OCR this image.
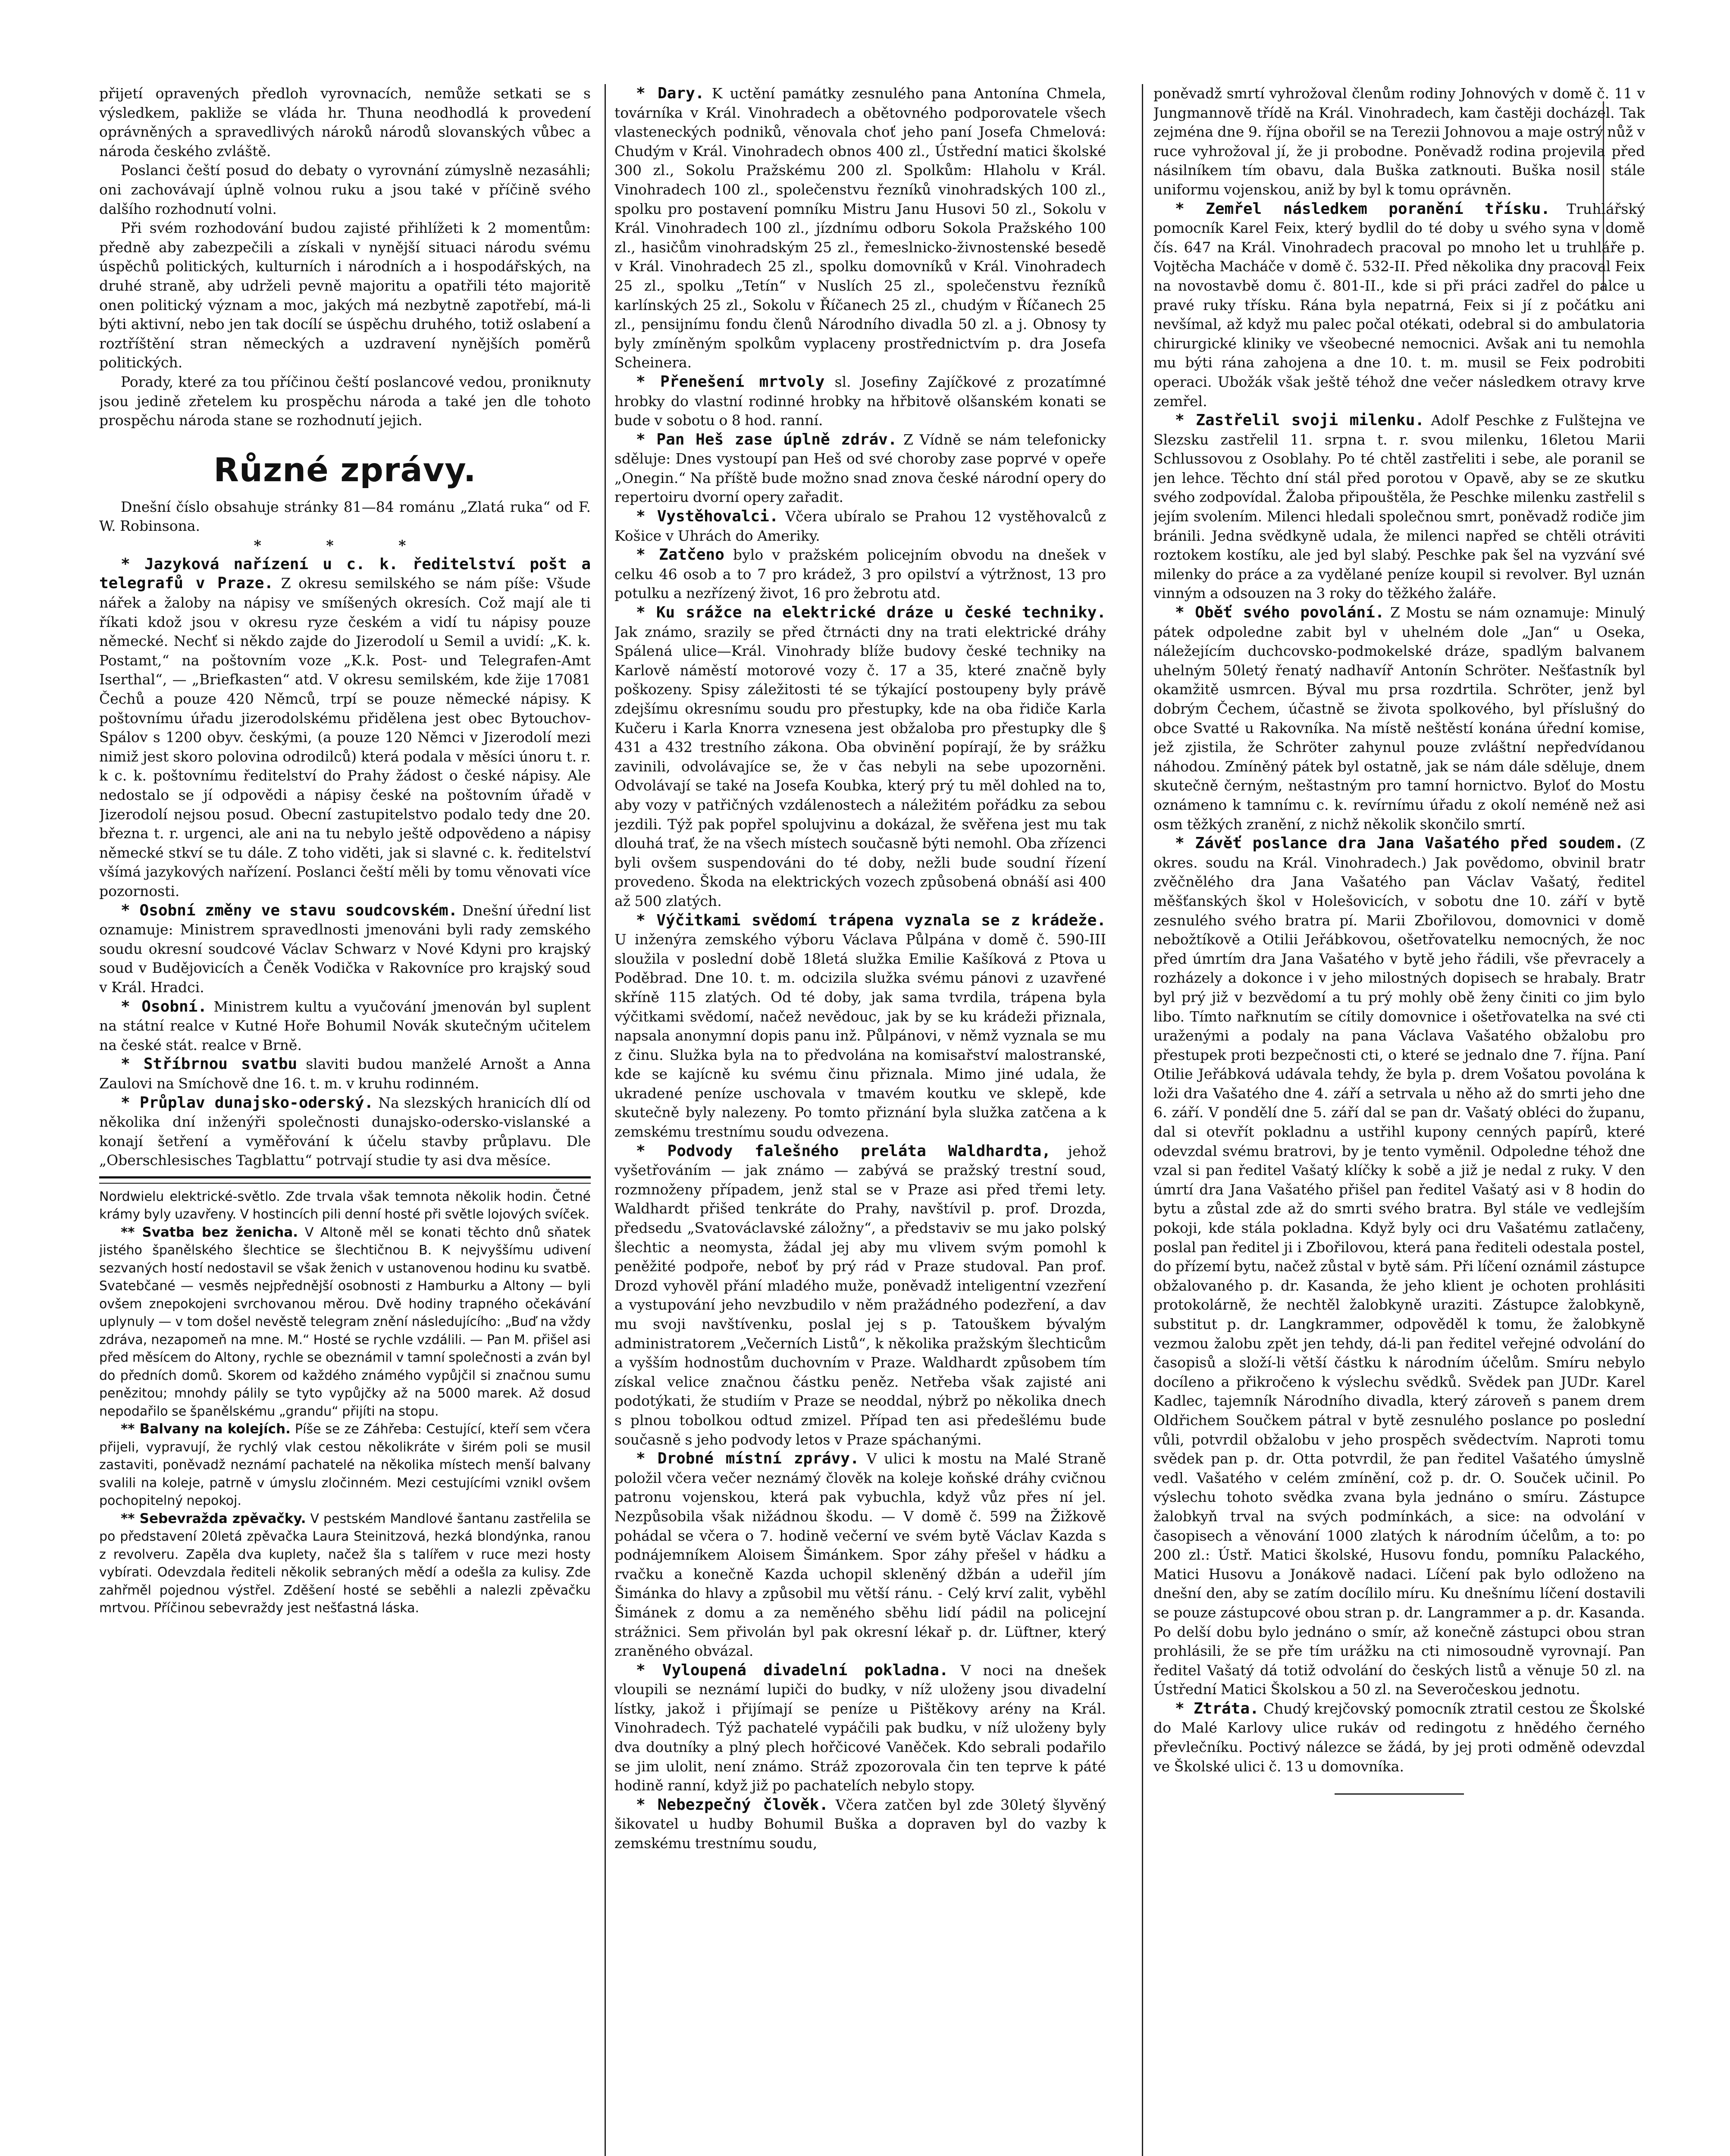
přijetí opravených předloh vyrovnacích, nemůže setkati se s výsledkem, pakliže se vláda hr. Thuna neodhodlá k provedení oprávněných a spravedlivých nároků národů slovanských vůbec a národa českého zvláště.

Poslanci čeští posud do debaty o vyrovnání zúmyslně nezasáhli; oni zachovávají úplně volnou ruku a jsou také v příčině svého dalšího rozhodnutí volni.

Při svém rozhodování budou zajisté přihlížeti k 2 momentům: předně aby zabezpečili a získali v nynější situaci národu svému úspěchů politických, kulturních i národních a i hospodářských, na druhé straně, aby udrželi pevně majoritu a opatřili této majoritě onen politický význam a moc, jakých má nezbytně zapotřebí, má-li býti aktivní, nebo jen tak docílí se úspěchu druhého, totiž oslabení a roztříštění stran německých a uzdravení nynějších poměrů politických.

Porady, které za tou příčinou čeští poslancové vedou, proniknuty jsou jedině zřetelem ku prospěchu národa a také jen dle tohoto prospěchu národa stane se rozhodnutí jejich.

Různé zprávy.

Dnešní číslo obsahuje stránky 81—84 románu „Zlatá ruka“ od F. W. Robinsona.

* * *

* Jazyková nařízení u c. k. ředitelství pošt a telegrafů v Praze. Z okresu semilského se nám píše: Všude nářek a žaloby na nápisy ve smíšených okresích. Což mají ale ti říkati kdož jsou v okresu ryze českém a vidí tu nápisy pouze německé. Nechť si někdo zajde do Jizerodolí u Semil a uvidí: „K. k. Postamt,“ na poštovním voze „K.k. Post- und Telegrafen-Amt Iserthal“, — „Briefkasten“ atd. V okresu semilském, kde žije 17081 Čechů a pouze 420 Němců, trpí se pouze německé nápisy. K poštovnímu úřadu jizerodolskému přidělena jest obec Bytouchov-Spálov s 1200 obyv. českými, (a pouze 120 Němci v Jizerodolí mezi nimiž jest skoro polovina odrodilců) která podala v měsíci únoru t. r. k c. k. poštovnímu ředitelství do Prahy žádost o české nápisy. Ale nedostalo se jí odpovědi a nápisy české na poštovním úřadě v Jizerodolí nejsou posud. Obecní zastupitelstvo podalo tedy dne 20. března t. r. urgenci, ale ani na tu nebylo ještě odpovědeno a nápisy německé stkví se tu dále. Z toho viděti, jak si slavné c. k. ředitelství všímá jazykových nařízení. Poslanci čeští měli by tomu věnovati více pozornosti.

* Osobní změny ve stavu soudcovském. Dnešní úřední list oznamuje: Ministrem spravedlnosti jmenováni byli rady zemského soudu okresní soudcové Václav Schwarz v Nové Kdyni pro krajský soud v Budějovicích a Čeněk Vodička v Rakovníce pro krajský soud v Král. Hradci.

* Osobní. Ministrem kultu a vyučování jmenován byl suplent na státní realce v Kutné Hoře Bohumil Novák skutečným učitelem na české stát. realce v Brně.

* Stříbrnou svatbu slaviti budou manželé Arnošt a Anna Zaulovi na Smíchově dne 16. t. m. v kruhu rodinném.

* Průplav dunajsko-oderský. Na slezských hranicích dlí od několika dní inženýři společnosti dunajsko-odersko-vislanské a konají šetření a vyměřování k účelu stavby průplavu. Dle „Oberschlesisches Tagblattu“ potrvají studie ty asi dva měsíce.

Nordwielu elektrické-světlo. Zde trvala však temnota několik hodin. Četné krámy byly uzavřeny. V hostincích pili denní hosté při světle lojových svíček.

** Svatba bez ženicha. V Altoně měl se konati těchto dnů sňatek jistého španělského šlechtice se šlechtičnou B. K nejvyššímu udivení sezvaných hostí nedostavil se však ženich v ustanovenou hodinu ku svatbě. Svatebčané — vesměs nejpřednější osobnosti z Hamburku a Altony — byli ovšem znepokojeni svrchovanou měrou. Dvě hodiny trapného očekávání uplynuly — v tom došel nevěstě telegram znění následujícího: „Buď na vždy zdráva, nezapomeň na mne. M.“ Hosté se rychle vzdálili. — Pan M. přišel asi před měsícem do Altony, rychle se obeznámil v tamní společnosti a zván byl do předních domů. Skorem od každého známého vypůjčil si značnou sumu penězitou; mnohdy pálily se tyto vypůjčky až na 5000 marek. Až dosud nepodařilo se španělskému „grandu“ přijíti na stopu.

** Balvany na kolejích. Píše se ze Záhřeba: Cestující, kteří sem včera přijeli, vypravují, že rychlý vlak cestou několikráte v širém poli se musil zastaviti, poněvadž neznámí pachatelé na několika místech menší balvany svalili na koleje, patrně v úmyslu zločinném. Mezi cestujícími vznikl ovšem pochopitelný nepokoj.

** Sebevražda zpěvačky. V pestském Mandlové šantanu zastřelila se po představení 20letá zpěvačka Laura Steinitzová, hezká blondýnka, ranou z revolveru. Zapěla dva kuplety, načež šla s talířem v ruce mezi hosty vybírati. Odevzdala řediteli několik sebraných mědí a odešla za kulisy. Zde zahřměl pojednou výstřel. Zděšení hosté se seběhli a nalezli zpěvačku mrtvou. Příčinou sebevraždy jest nešťastná láska.

* Dary. K uctění památky zesnulého pana Antonína Chmela, továrníka v Král. Vinohradech a obětovného podporovatele všech vlasteneckých podniků, věnovala choť jeho paní Josefa Chmelová: Chudým v Král. Vinohradech obnos 400 zl., Ústřední matici školské 300 zl., Sokolu Pražskému 200 zl. Spolkům: Hlaholu v Král. Vinohradech 100 zl., společenstvu řezníků vinohradských 100 zl., spolku pro postavení pomníku Mistru Janu Husovi 50 zl., Sokolu v Král. Vinohradech 100 zl., jízdnímu odboru Sokola Pražského 100 zl., hasičům vinohradským 25 zl., řemeslnicko-živnostenské besedě v Král. Vinohradech 25 zl., spolku domovníků v Král. Vinohradech 25 zl., spolku „Tetín“ v Nuslích 25 zl., společenstvu řezníků karlínských 25 zl., Sokolu v Říčanech 25 zl., chudým v Říčanech 25 zl., pensijnímu fondu členů Národního divadla 50 zl. a j. Obnosy ty byly zmíněným spolkům vyplaceny prostřednictvím p. dra Josefa Scheinera.

* Přenešení mrtvoly sl. Josefiny Zajíčkové z prozatímné hrobky do vlastní rodinné hrobky na hřbitově olšanském konati se bude v sobotu o 8 hod. ranní.

* Pan Heš zase úplně zdráv. Z Vídně se nám telefonicky sděluje: Dnes vystoupí pan Heš od své choroby zase poprvé v opeře „Onegin.“ Na příště bude možno snad znova české národní opery do repertoiru dvorní opery zařadit.

* Vystěhovalci. Včera ubíralo se Prahou 12 vystěhovalců z Košice v Uhrách do Ameriky.

* Zatčeno bylo v pražském policejním obvodu na dnešek v celku 46 osob a to 7 pro krádež, 3 pro opilství a výtržnost, 13 pro potulku a nezřízený život, 16 pro žebrotu atd.

* Ku srážce na elektrické dráze u české techniky. Jak známo, srazily se před čtrnácti dny na trati elektrické dráhy Spálená ulice—Král. Vinohrady blíže budovy české techniky na Karlově náměstí motorové vozy č. 17 a 35, které značně byly poškozeny. Spisy záležitosti té se týkající postoupeny byly právě zdejšímu okresnímu soudu pro přestupky, kde na oba řidiče Karla Kučeru i Karla Knorra vznesena jest obžaloba pro přestupky dle § 431 a 432 trestního zákona. Oba obvinění popírají, že by srážku zavinili, odvolávajíce se, že v čas nebyli na sebe upozorněni. Odvolávají se také na Josefa Koubka, který prý tu měl dohled na to, aby vozy v patřičných vzdálenostech a náležitém pořádku za sebou jezdili. Týž pak popřel spolujvinu a dokázal, že svěřena jest mu tak dlouhá trať, že na všech místech současně býti nemohl. Oba zřízenci byli ovšem suspendováni do té doby, nežli bude soudní řízení provedeno. Škoda na elektrických vozech způsobená obnáší asi 400 až 500 zlatých.

* Výčitkami svědomí trápena vyznala se z krádeže. U inženýra zemského výboru Václava Půlpána v domě č. 590-III sloužila v poslední době 18letá služka Emilie Kašíková z Ptova u Poděbrad. Dne 10. t. m. odcizila služka svému pánovi z uzavřené skříně 115 zlatých. Od té doby, jak sama tvrdila, trápena byla výčitkami svědomí, načež nevědouc, jak by se ku krádeži přiznala, napsala anonymní dopis panu inž. Půlpánovi, v němž vyznala se mu z činu. Služka byla na to předvolána na komisařství malostranské, kde se kajícně ku svému činu přiznala. Mimo jiné udala, že ukradené peníze uschovala v tmavém koutku ve sklepě, kde skutečně byly nalezeny. Po tomto přiznání byla služka zatčena a k zemskému trestnímu soudu odvezena.

* Podvody falešného preláta Waldhardta, jehož vyšetřováním — jak známo — zabývá se pražský trestní soud, rozmnoženy případem, jenž stal se v Praze asi před třemi lety. Waldhardt přišed tenkráte do Prahy, navštívil p. prof. Drozda, předsedu „Svatováclavské záložny“, a představiv se mu jako polský šlechtic a neomysta, žádal jej aby mu vlivem svým pomohl k peněžité podpoře, neboť by prý rád v Praze studoval. Pan prof. Drozd vyhověl přání mladého muže, poněvadž inteligentní vzezření a vystupování jeho nevzbudilo v něm pražádného podezření, a dav mu svoji navštívenku, poslal jej s p. Tatouškem bývalým administratorem „Večerních Listů“, k několika pražským šlechticům a vyšším hodnostům duchovním v Praze. Waldhardt způsobem tím získal velice značnou částku peněz. Netřeba však zajisté ani podotýkati, že studiím v Praze se neoddal, nýbrž po několika dnech s plnou tobolkou odtud zmizel. Případ ten asi předešlému bude současně s jeho podvody letos v Praze spáchanými.

* Drobné místní zprávy. V ulici k mostu na Malé Straně položil včera večer neznámý člověk na koleje koňské dráhy cvičnou patronu vojenskou, která pak vybuchla, když vůz přes ní jel. Nezpůsobila však nižádnou škodu. — V domě č. 599 na Žižkově pohádal se včera o 7. hodině večerní ve svém bytě Václav Kazda s podnájemníkem Aloisem Šimánkem. Spor záhy přešel v hádku a rvačku a konečně Kazda uchopil skleněný džbán a udeřil jím Šimánka do hlavy a způsobil mu větší ránu. - Celý krví zalit, vyběhl Šimánek z domu a za neměného sběhu lidí pádil na policejní strážnici. Sem přivolán byl pak okresní lékař p. dr. Lüftner, který zraněného obvázal.

* Vyloupená divadelní pokladna. V noci na dnešek vloupili se neznámí lupiči do budky, v níž uloženy jsou divadelní lístky, jakož i přijímají se peníze u Pištěkovy arény na Král. Vinohradech. Týž pachatelé vypáčili pak budku, v níž uloženy byly dva doutníky a plný plech hořčicové Vaněček. Kdo sebrali podařilo se jim ulolit, není známo. Stráž zpozorovala čin ten teprve k páté hodině ranní, když již po pachatelích nebylo stopy.

* Nebezpečný člověk. Včera zatčen byl zde 30letý šlyvěný šikovatel u hudby Bohumil Buška a dopraven byl do vazby k zemskému trestnímu soudu,

poněvadž smrtí vyhrožoval členům rodiny Johnových v domě č. 11 v Jungmannově třídě na Král. Vinohradech, kam častěji docházel. Tak zejména dne 9. října obořil se na Terezii Johnovou a maje ostrý nůž v ruce vyhrožoval jí, že ji probodne. Poněvadž rodina projevila před násilníkem tím obavu, dala Buška zatknouti. Buška nosil stále uniformu vojenskou, aniž by byl k tomu oprávněn.

* Zemřel následkem poranění třísku. Truhlářský pomocník Karel Feix, který bydlil do té doby u svého syna v domě čís. 647 na Král. Vinohradech pracoval po mnoho let u truhláře p. Vojtěcha Macháče v domě č. 532-II. Před několika dny pracoval Feix na novostavbě domu č. 801-II., kde si při práci zadřel do palce u pravé ruky třísku. Rána byla nepatrná, Feix si jí z počátku ani nevšímal, až když mu palec počal otékati, odebral si do ambulatoria chirurgické kliniky ve všeobecné nemocnici. Avšak ani tu nemohla mu býti rána zahojena a dne 10. t. m. musil se Feix podrobiti operaci. Ubožák však ještě téhož dne večer následkem otravy krve zemřel.

* Zastřelil svoji milenku. Adolf Peschke z Fulštejna ve Slezsku zastřelil 11. srpna t. r. svou milenku, 16letou Marii Schlussovou z Osoblahy. Po té chtěl zastřeliti i sebe, ale poranil se jen lehce. Těchto dní stál před porotou v Opavě, aby se ze skutku svého zodpovídal. Žaloba připouštěla, že Peschke milenku zastřelil s jejím svolením. Milenci hledali společnou smrt, poněvadž rodiče jim bránili. Jedna svědkyně udala, že milenci napřed se chtěli otráviti roztokem kostíku, ale jed byl slabý. Peschke pak šel na vyzvání své milenky do práce a za vydělané peníze koupil si revolver. Byl uznán vinným a odsouzen na 3 roky do těžkého žaláře.

* Oběť svého povolání. Z Mostu se nám oznamuje: Minulý pátek odpoledne zabit byl v uhelném dole „Jan“ u Oseka, náležejícím duchcovsko-podmokelské dráze, spadlým balvanem uhelným 50letý řenatý nadhavíř Antonín Schröter. Nešťastník byl okamžitě usmrcen. Býval mu prsa rozdrtila. Schröter, jenž byl dobrým Čechem, účastně se života spolkového, byl příslušný do obce Svatté u Rakovníka. Na místě neštěstí konána úřední komise, jež zjistila, že Schröter zahynul pouze zvláštní nepředvídanou náhodou. Zmíněný pátek byl ostatně, jak se nám dále sděluje, dnem skutečně černým, neštastným pro tamní hornictvo. Byloť do Mostu oznámeno k tamnímu c. k. revírnímu úřadu z okolí neméně než asi osm těžkých zranění, z nichž několik skončilo smrtí.

* Závěť poslance dra Jana Vašatého před soudem. (Z okres. soudu na Král. Vinohradech.) Jak povědomo, obvinil bratr zvěčnělého dra Jana Vašatého pan Václav Vašatý, ředitel měšťanských škol v Holešovicích, v sobotu dne 10. září v bytě zesnulého svého bratra pí. Marii Zbořilovou, domovnici v domě nebožtíkově a Otilii Jeřábkovou, ošetřovatelku nemocných, že noc před úmrtím dra Jana Vašatého v bytě jeho řádili, vše převracely a rozházely a dokonce i v jeho milostných dopisech se hrabaly. Bratr byl prý již v bezvědomí a tu prý mohly obě ženy činiti co jim bylo libo. Tímto nařknutím se cítily domovnice i ošetřovatelka na své cti uraženými a podaly na pana Václava Vašatého obžalobu pro přestupek proti bezpečnosti cti, o které se jednalo dne 7. října. Paní Otilie Jeřábková udávala tehdy, že byla p. drem Vošatou povolána k loži dra Vašatého dne 4. září a setrvala u něho až do smrti jeho dne 6. září. V pondělí dne 5. září dal se pan dr. Vašatý obléci do županu, dal si otevřít pokladnu a ustřihl kupony cenných papírů, které odevzdal svému bratrovi, by je tento vyměnil. Odpoledne téhož dne vzal si pan ředitel Vašatý klíčky k sobě a již je nedal z ruky. V den úmrtí dra Jana Vašatého přišel pan ředitel Vašatý asi v 8 hodin do bytu a zůstal zde až do smrti svého bratra. Byl stále ve vedlejším pokoji, kde stála pokladna. Když byly oci dru Vašatému zatlačeny, poslal pan ředitel ji i Zbořilovou, která pana řediteli odestala postel, do přízemí bytu, načež zůstal v bytě sám. Při líčení oznámil zástupce obžalovaného p. dr. Kasanda, že jeho klient je ochoten prohlásiti protokolárně, že nechtěl žalobkyně uraziti. Zástupce žalobkyně, substitut p. dr. Langkrammer, odpověděl k tomu, že žalobkyně vezmou žalobu zpět jen tehdy, dá-li pan ředitel veřejné odvolání do časopisů a složí-li větší částku k národním účelům. Smíru nebylo docíleno a přikročeno k výslechu svědků. Svědek pan JUDr. Karel Kadlec, tajemník Národního divadla, který zároveň s panem drem Oldřichem Součkem pátral v bytě zesnulého poslance po poslední vůli, potvrdil obžalobu v jeho prospěch svědectvím. Naproti tomu svědek pan p. dr. Otta potvrdil, že pan ředitel Vašatého úmyslně vedl. Vašatého v celém zmínění, což p. dr. O. Souček učinil. Po výslechu tohoto svědka zvana byla jednáno o smíru. Zástupce žalobkyň trval na svých podmínkách, a sice: na odvolání v časopisech a věnování 1000 zlatých k národním účelům, a to: po 200 zl.: Ústř. Matici školské, Husovu fondu, pomníku Palackého, Matici Husovu a Jonákově nadaci. Líčení pak bylo odloženo na dnešní den, aby se zatím docílilo míru. Ku dnešnímu líčení dostavili se pouze zástupcové obou stran p. dr. Langrammer a p. dr. Kasanda. Po delší dobu bylo jednáno o smír, až konečně zástupci obou stran prohlásili, že se pře tím urážku na cti nimosoudně vyrovnají. Pan ředitel Vašatý dá totiž odvolání do českých listů a věnuje 50 zl. na Ústřední Matici Školskou a 50 zl. na Severočeskou jednotu.

* Ztráta. Chudý krejčovský pomocník ztratil cestou ze Školské do Malé Karlovy ulice rukáv od redingotu z hnědého černého převlečníku. Poctivý nálezce se žádá, by jej proti odměně odevzdal ve Školské ulici č. 13 u domovníka.
